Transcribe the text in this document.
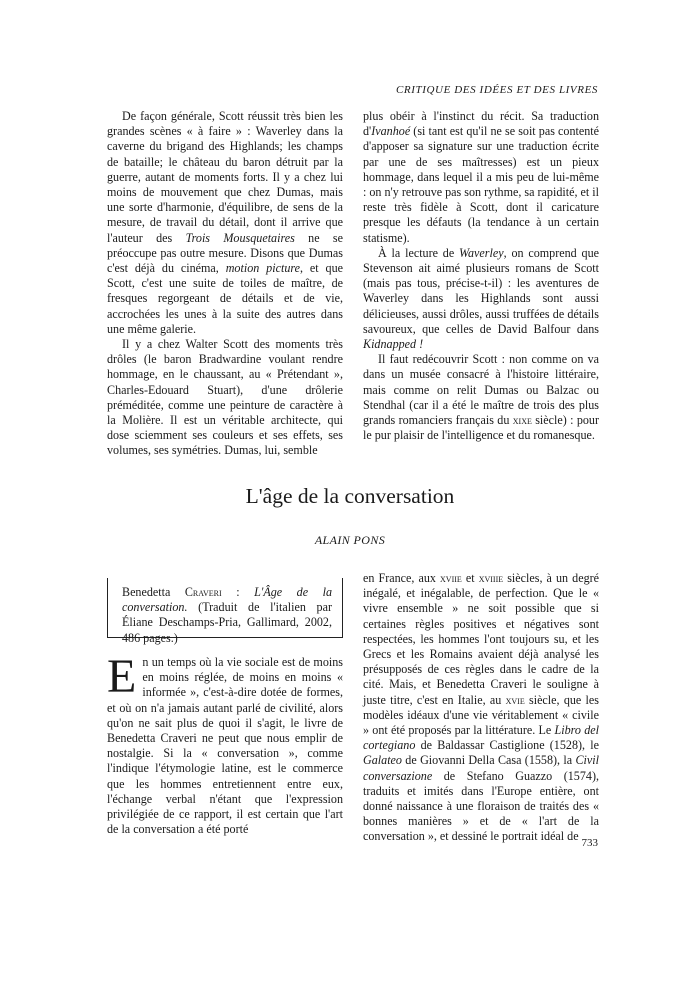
CRITIQUE DES IDÉES ET DES LIVRES

De façon générale, Scott réussit très bien les grandes scènes « à faire » : Waverley dans la caverne du brigand des Highlands; les champs de bataille; le château du baron détruit par la guerre, autant de moments forts. Il y a chez lui moins de mouvement que chez Dumas, mais une sorte d'harmonie, d'équilibre, de sens de la mesure, de travail du détail, dont il arrive que l'auteur des Trois Mousquetaires ne se préoccupe pas outre mesure. Disons que Dumas c'est déjà du cinéma, motion picture, et que Scott, c'est une suite de toiles de maître, de fresques regorgeant de détails et de vie, accrochées les unes à la suite des autres dans une même galerie.

Il y a chez Walter Scott des moments très drôles (le baron Bradwardine voulant rendre hommage, en le chaussant, au « Prétendant », Charles-Edouard Stuart), d'une drôlerie préméditée, comme une peinture de caractère à la Molière. Il est un véritable architecte, qui dose sciemment ses couleurs et ses effets, ses volumes, ses symétries. Dumas, lui, semble

plus obéir à l'instinct du récit. Sa traduction d'Ivanhoé (si tant est qu'il ne se soit pas contenté d'apposer sa signature sur une traduction écrite par une de ses maîtresses) est un pieux hommage, dans lequel il a mis peu de lui-même : on n'y retrouve pas son rythme, sa rapidité, et il reste très fidèle à Scott, dont il caricature presque les défauts (la tendance à un certain statisme).

À la lecture de Waverley, on comprend que Stevenson ait aimé plusieurs romans de Scott (mais pas tous, précise-t-il) : les aventures de Waverley dans les Highlands sont aussi délicieuses, aussi drôles, aussi truffées de détails savoureux, que celles de David Balfour dans Kidnapped !

Il faut redécouvrir Scott : non comme on va dans un musée consacré à l'histoire littéraire, mais comme on relit Dumas ou Balzac ou Stendhal (car il a été le maître de trois des plus grands romanciers français du xixe siècle) : pour le pur plaisir de l'intelligence et du romanesque.

L'âge de la conversation
ALAIN PONS
Benedetta Craveri : L'Âge de la conversation. (Traduit de l'italien par Éliane Deschamps-Pria, Gallimard, 2002, 486 pages.)

En un temps où la vie sociale est de moins en moins réglée, de moins en moins « informée », c'est-à-dire dotée de formes, et où on n'a jamais autant parlé de civilité, alors qu'on ne sait plus de quoi il s'agit, le livre de Benedetta Craveri ne peut que nous emplir de nostalgie. Si la « conversation », comme l'indique l'étymologie latine, est le commerce que les hommes entretiennent entre eux, l'échange verbal n'étant que l'expression privilégiée de ce rapport, il est certain que l'art de la conversation a été porté

en France, aux xviie et xviiie siècles, à un degré inégalé, et inégalable, de perfection. Que le « vivre ensemble » ne soit possible que si certaines règles positives et négatives sont respectées, les hommes l'ont toujours su, et les Grecs et les Romains avaient déjà analysé les présupposés de ces règles dans le cadre de la cité. Mais, et Benedetta Craveri le souligne à juste titre, c'est en Italie, au xvie siècle, que les modèles idéaux d'une vie véritablement « civile » ont été proposés par la littérature. Le Libro del cortegiano de Baldassar Castiglione (1528), le Galateo de Giovanni Della Casa (1558), la Civil conversazione de Stefano Guazzo (1574), traduits et imités dans l'Europe entière, ont donné naissance à une floraison de traités des « bonnes manières » et de « l'art de la conversation », et dessiné le portrait idéal de 733
